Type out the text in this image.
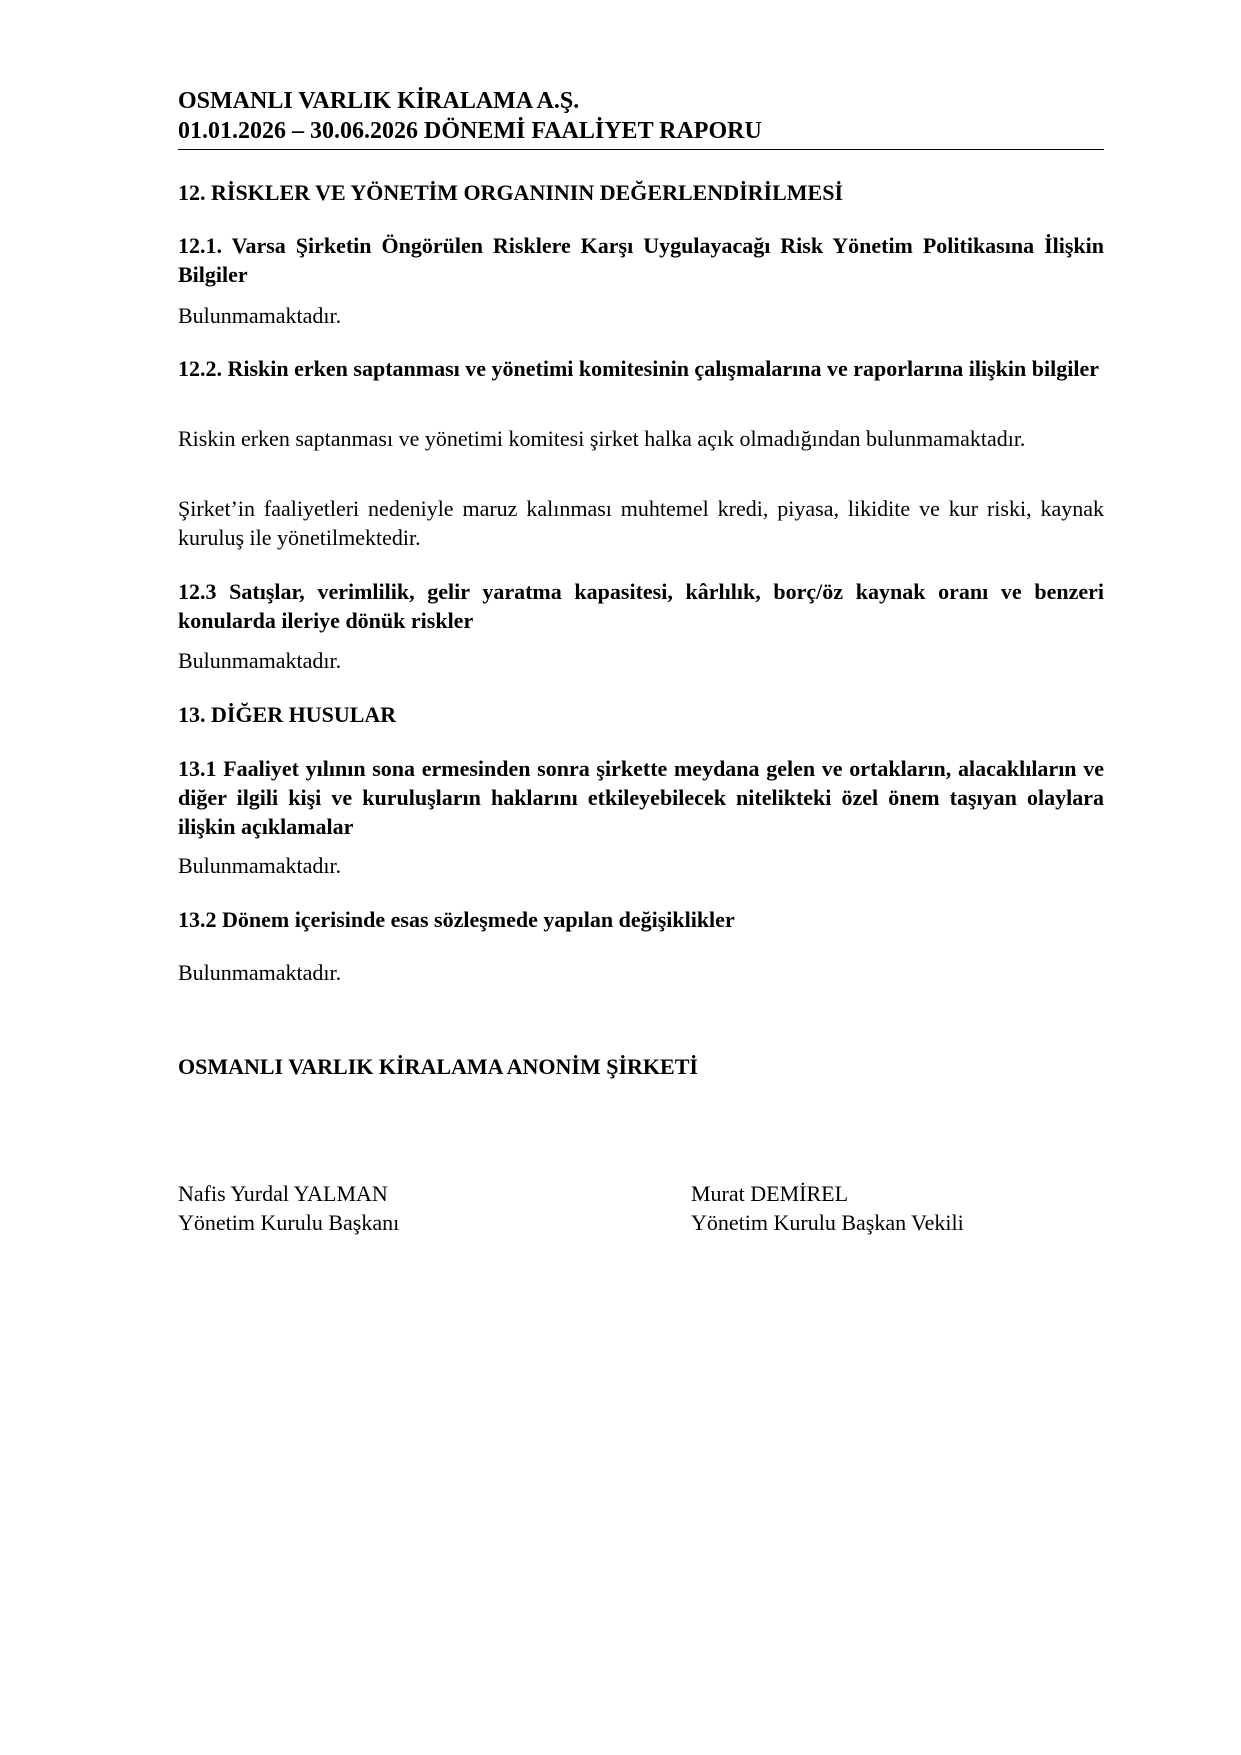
OSMANLI VARLIK KİRALAMA A.Ş.
01.01.2026 – 30.06.2026 DÖNEMİ FAALİYET RAPORU
12. RİSKLER VE YÖNETİM ORGANININ DEĞERLENDİRİLMESİ
12.1. Varsa Şirketin Öngörülen Risklere Karşı Uygulayacağı Risk Yönetim Politikasına İlişkin Bilgiler
Bulunmamaktadır.
12.2. Riskin erken saptanması ve yönetimi komitesinin çalışmalarına ve raporlarına ilişkin bilgiler
Riskin erken saptanması ve yönetimi komitesi şirket halka açık olmadığından bulunmamaktadır.
Şirket’in faaliyetleri nedeniyle maruz kalınması muhtemel kredi, piyasa, likidite ve kur riski, kaynak kuruluş ile yönetilmektedir.
12.3 Satışlar, verimlilik, gelir yaratma kapasitesi, kârlılık, borç/öz kaynak oranı ve benzeri konularda ileriye dönük riskler
Bulunmamaktadır.
13. DİĞER HUSULAR
13.1 Faaliyet yılının sona ermesinden sonra şirkette meydana gelen ve ortakların, alacaklıların ve diğer ilgili kişi ve kuruluşların haklarını etkileyebilecek nitelikteki özel önem taşıyan olaylara ilişkin açıklamalar
Bulunmamaktadır.
13.2 Dönem içerisinde esas sözleşmede yapılan değişiklikler
Bulunmamaktadır.
OSMANLI VARLIK KİRALAMA ANONİM ŞİRKETİ
Nafis Yurdal YALMAN
Yönetim Kurulu Başkanı
Murat DEMİREL
Yönetim Kurulu Başkan Vekili
